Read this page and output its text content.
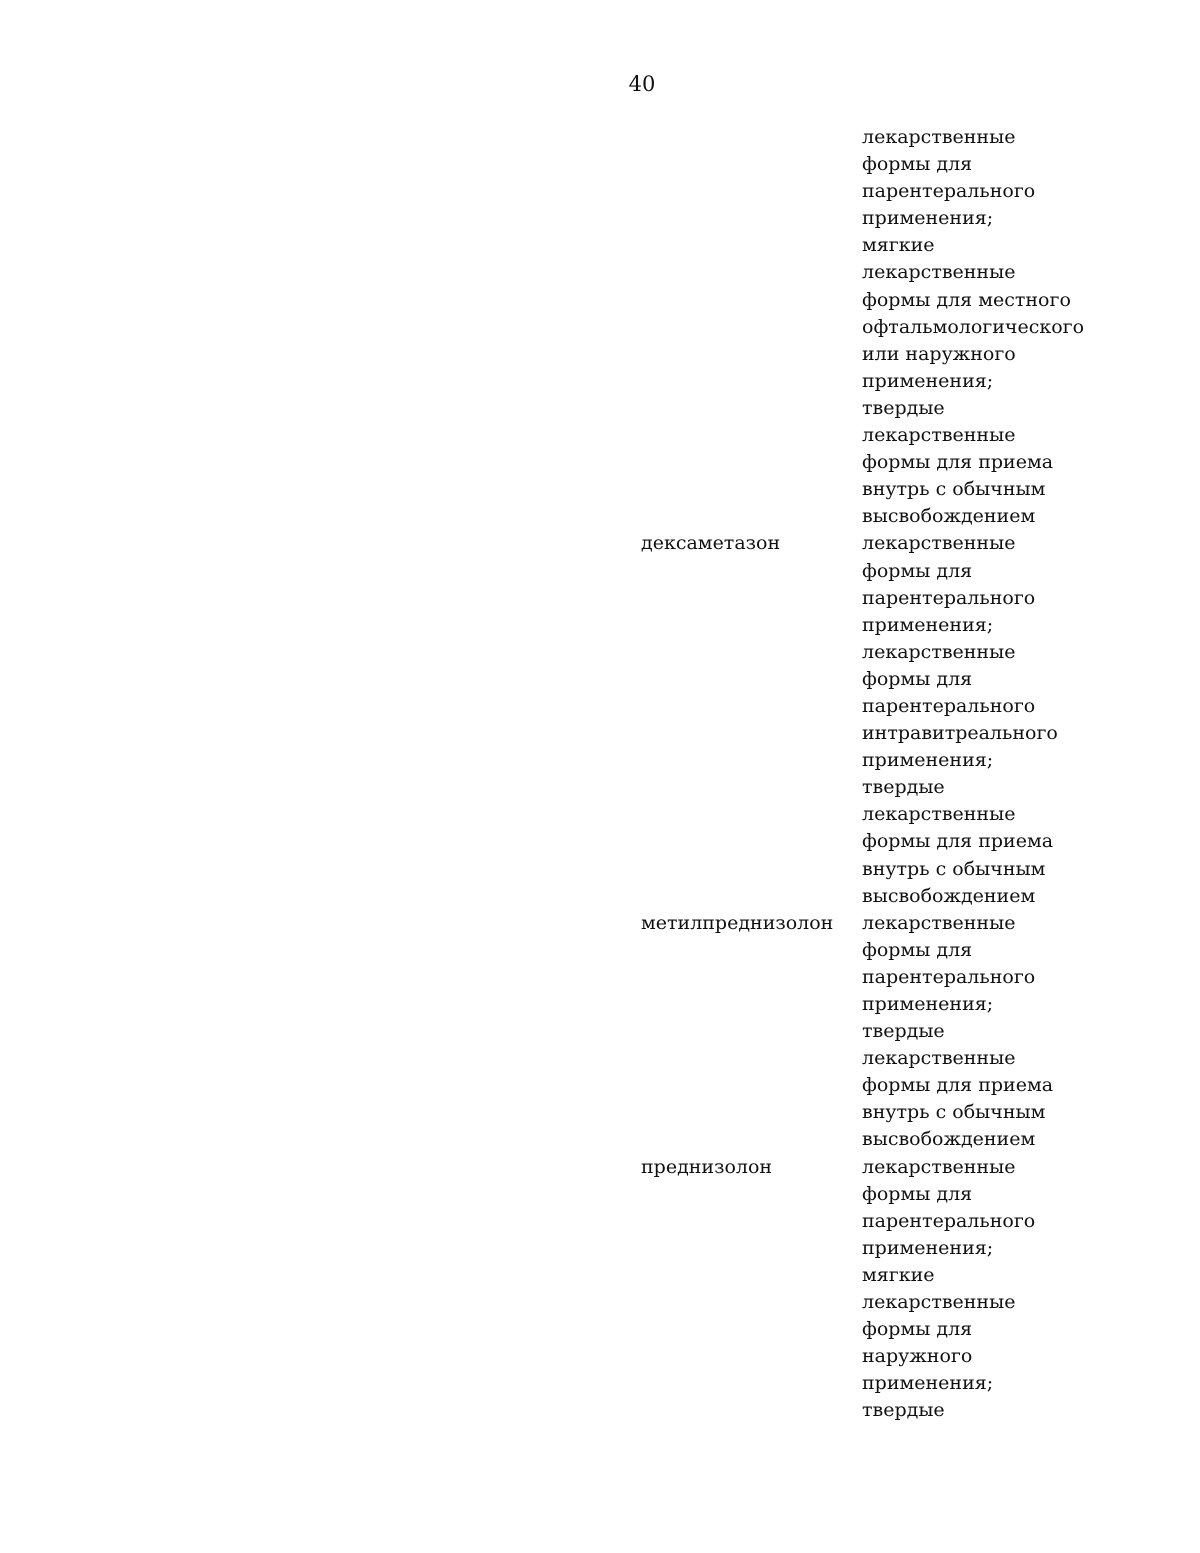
40
лекарственные
формы для
парентерального
применения;
мягкие
лекарственные
формы для местного
офтальмологического
или наружного
применения;
твердые
лекарственные
формы для приема
внутрь с обычным
высвобождением
дексаметазон	лекарственные
формы для
парентерального
применения;
лекарственные
формы для
парентерального
интравитреального
применения;
твердые
лекарственные
формы для приема
внутрь с обычным
высвобождением
метилпреднизолон лекарственные
формы для
парентерального
применения;
твердые
лекарственные
формы для приема
внутрь с обычным
высвобождением
преднизолон	лекарственные
формы для
парентерального
применения;
мягкие
лекарственные
формы для
наружного
применения;
твердые
